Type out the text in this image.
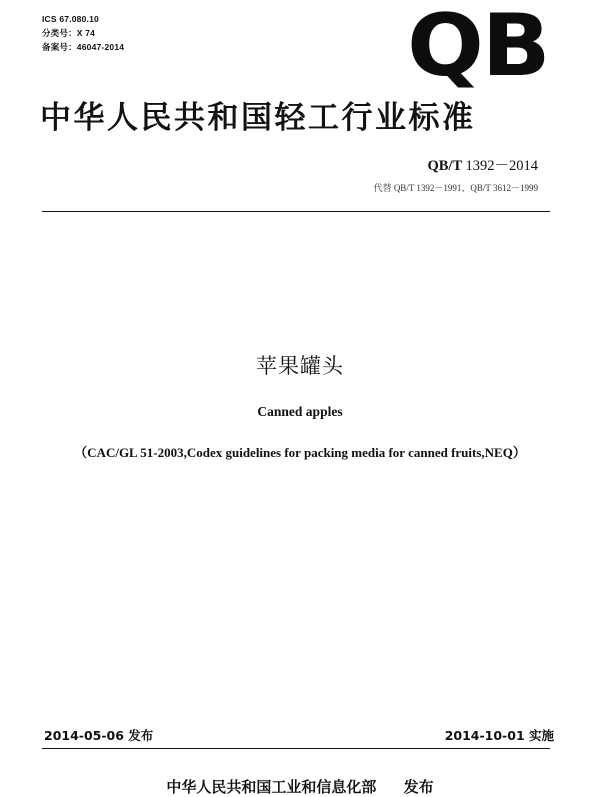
ICS 67.080.10
分类号：X 74
备案号：46047-2014	QB
中华人民共和国轻工行业标准
QB/T 1392－2014
代替 QB/T 1392－1991、QB/T 3612－1999
苹果罐头
Canned apples
（CAC/GL 51-2003,Codex guidelines for packing media for canned fruits,NEQ）
2014-05-06 发布	2014-10-01 实施
中华人民共和国工业和信息化部 发布
